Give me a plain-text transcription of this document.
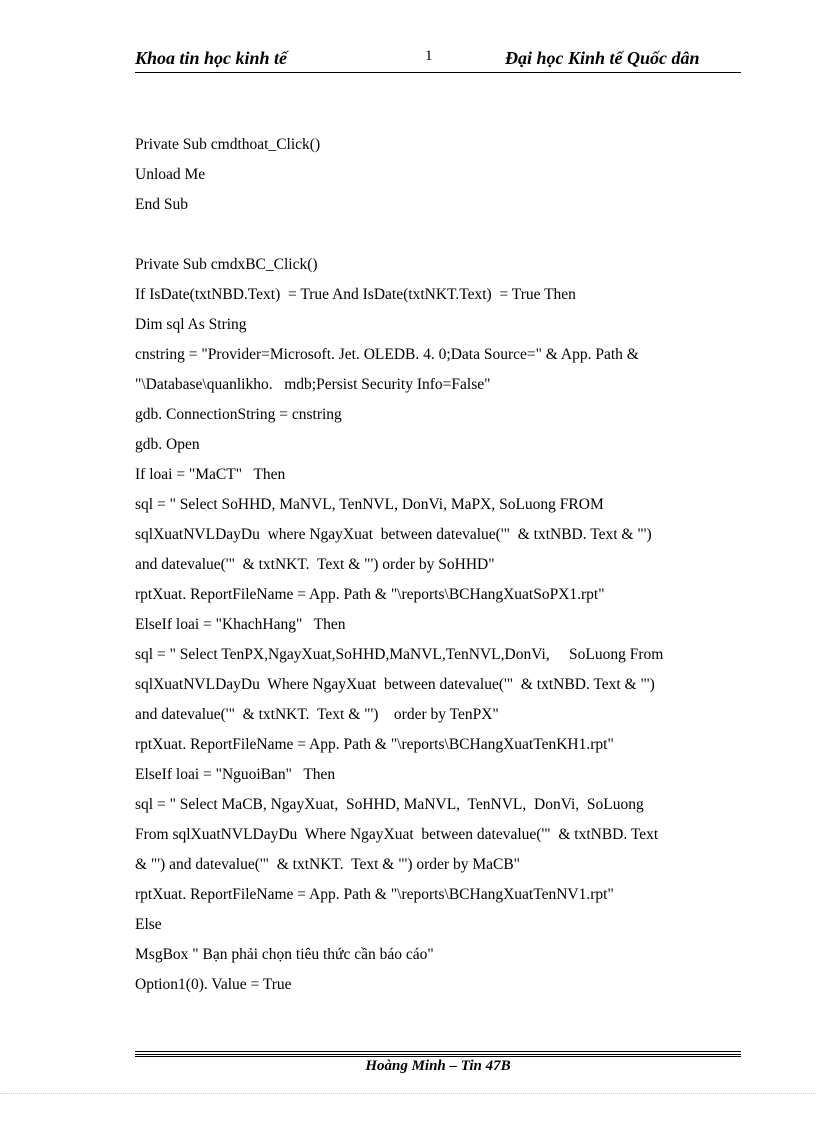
Khoa tin học kinh tế	1	Đại học Kinh tế Quốc dân
Private Sub cmdthoat_Click()
Unload Me
End Sub
Private Sub cmdxBC_Click()
If IsDate(txtNBD.Text)  = True And IsDate(txtNKT.Text)  = True Then
Dim sql As String
cnstring = "Provider=Microsoft. Jet. OLEDB. 4. 0;Data Source=" & App. Path &
"\Database\quanlikho.   mdb;Persist Security Info=False"
gdb. ConnectionString = cnstring
gdb. Open
If loai = "MaCT"   Then
sql = " Select SoHHD, MaNVL, TenNVL, DonVi, MaPX, SoLuong FROM
sqlXuatNVLDayDu  where NgayXuat  between datevalue('"  & txtNBD. Text & "')
and datevalue('"  & txtNKT.  Text & "') order by SoHHD"
rptXuat. ReportFileName = App. Path & "\reports\BCHangXuatSoPX1.rpt"
ElseIf loai = "KhachHang"   Then
sql = " Select TenPX,NgayXuat,SoHHD,MaNVL,TenNVL,DonVi,     SoLuong From
sqlXuatNVLDayDu  Where NgayXuat  between datevalue('"  & txtNBD. Text & "')
and datevalue('"  & txtNKT.  Text & "')    order by TenPX"
rptXuat. ReportFileName = App. Path & "\reports\BCHangXuatTenKH1.rpt"
ElseIf loai = "NguoiBan"   Then
sql = " Select MaCB, NgayXuat,  SoHHD, MaNVL,  TenNVL,  DonVi,  SoLuong
From sqlXuatNVLDayDu  Where NgayXuat  between datevalue('"  & txtNBD. Text
& "') and datevalue('"  & txtNKT.  Text & "') order by MaCB"
rptXuat. ReportFileName = App. Path & "\reports\BCHangXuatTenNV1.rpt"
Else
MsgBox " Bạn phải chọn tiêu thức cần báo cáo"
Option1(0). Value = True
Hoàng Minh – Tin 47B
